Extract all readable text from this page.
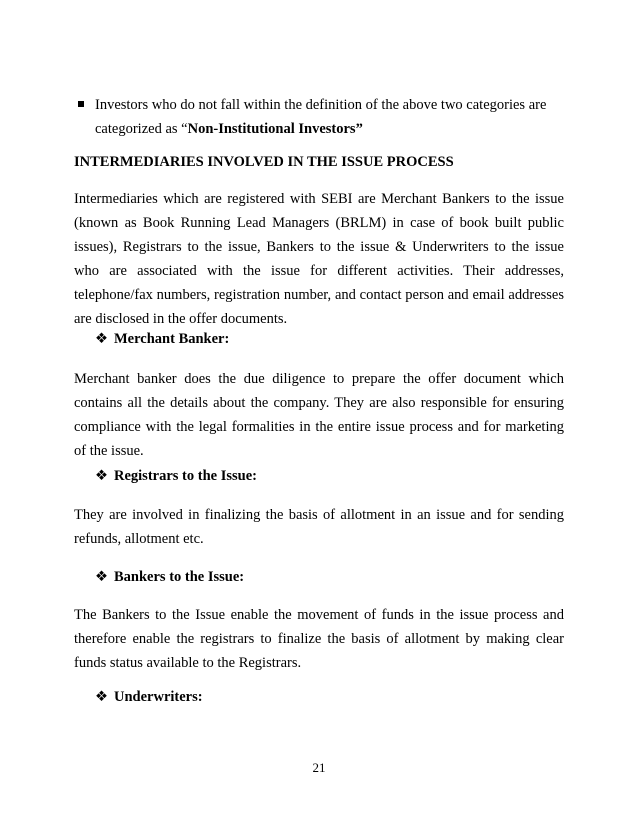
Investors who do not fall within the definition of the above two categories are categorized as “Non-Institutional Investors”
INTERMEDIARIES INVOLVED IN THE ISSUE PROCESS
Intermediaries which are registered with SEBI are Merchant Bankers to the issue (known as Book Running Lead Managers (BRLM) in case of book built public issues), Registrars to the issue, Bankers to the issue & Underwriters to the issue who are associated with the issue for different activities. Their addresses, telephone/fax numbers, registration number, and contact person and email addresses are disclosed in the offer documents.
❖ Merchant Banker:
Merchant banker does the due diligence to prepare the offer document which contains all the details about the company. They are also responsible for ensuring compliance with the legal formalities in the entire issue process and for marketing of the issue.
❖ Registrars to the Issue:
They are involved in finalizing the basis of allotment in an issue and for sending refunds, allotment etc.
❖ Bankers to the Issue:
The Bankers to the Issue enable the movement of funds in the issue process and therefore enable the registrars to finalize the basis of allotment by making clear funds status available to the Registrars.
❖ Underwriters:
21
